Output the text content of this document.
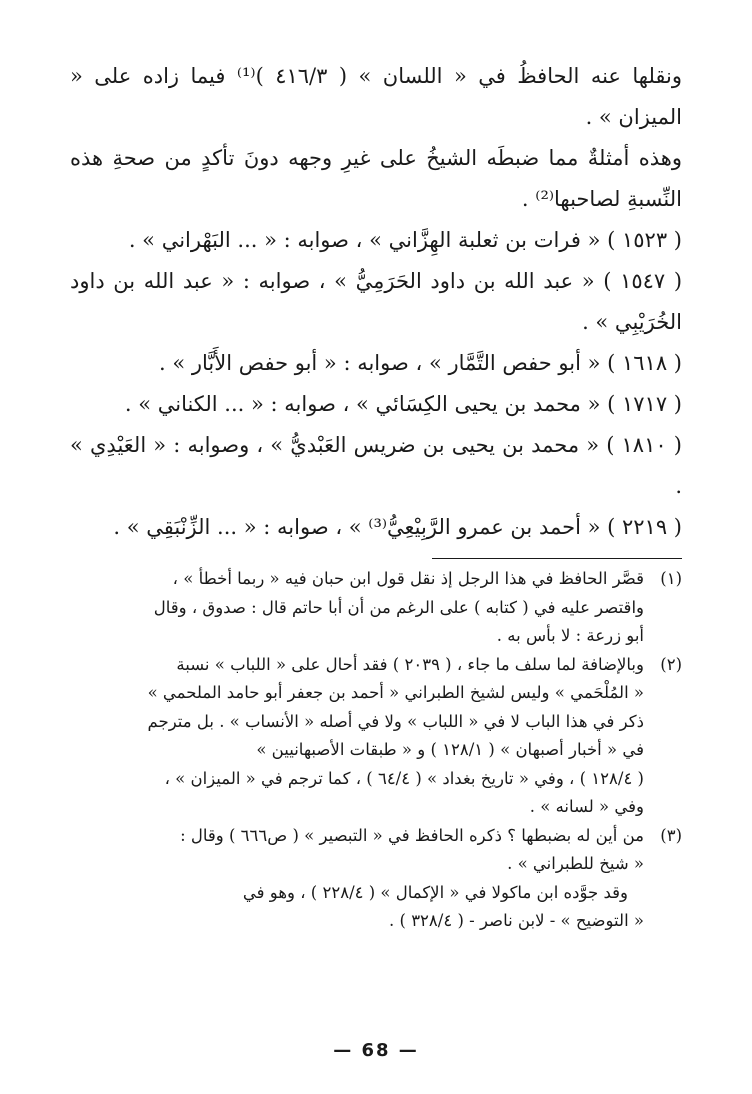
ونقلها عنه الحافظُ في « اللسان » ( ٤١٦/٣ )⁽¹⁾ فيما زاده على « الميزان » .

وهذه أمثلةٌ مما ضبطَه الشيخُ على غيرِ وجهه دونَ تأكدٍ من صحةِ هذه النِّسبةِ لصاحبها⁽²⁾ .

( ١٥٢٣ ) « فرات بن ثعلبة الهِزَّاني » ، صوابه : « ... البَهْراني » .

( ١٥٤٧ ) « عبد الله بن داود الحَرَمِيُّ » ، صوابه : « عبد الله بن داود الخُرَيْبِي » .

( ١٦١٨ ) « أبو حفص التَّمَّار » ، صوابه : « أبو حفص الأَبَّار » .

( ١٧١٧ ) « محمد بن يحيى الكِسَائي » ، صوابه : « ... الكناني » .

( ١٨١٠ ) « محمد بن يحيى بن ضريس العَبْديُّ » ، وصوابه : « العَيْدِي » .

( ٢٢١٩ ) « أحمد بن عمرو الرَّبِيْعِيُّ⁽³⁾ » ، صوابه : « ... الزِّنْبَقِي » .

(١)
قصَّر الحافظ في هذا الرجل إذ نقل قول ابن حبان فيه « ربما أخطأ » ،
واقتصر عليه في ( كتابه ) على الرغم من أن أبا حاتم قال : صدوق ، وقال
أبو زرعة : لا بأس به .
(٢)
وبالإضافة لما سلف ما جاء ، ( ٢٠٣٩ ) فقد أحال على « اللباب » نسبة
« المُلْحَمي » وليس لشيخ الطبراني « أحمد بن جعفر أبو حامد الملحمي »
ذكر في هذا الباب لا في « اللباب » ولا في أصله « الأنساب » . بل مترجم
في « أخبار أصبهان » ( ١٢٨/١ ) و « طبقات الأصبهانيين »
( ١٢٨/٤ ) ، وفي « تاريخ بغداد » ( ٦٤/٤ ) ، كما ترجم في « الميزان » ،
وفي « لسانه » .
(٣)
من أين له بضبطها ؟ ذكره الحافظ في « التبصير » ( ص٦٦٦ ) وقال :
« شيخ للطبراني » .
وقد جوَّده ابن ماكولا في « الإكمال » ( ٢٢٨/٤ ) ، وهو في
« التوضيح » - لابن ناصر - ( ٣٢٨/٤ ) .
— 68 —
